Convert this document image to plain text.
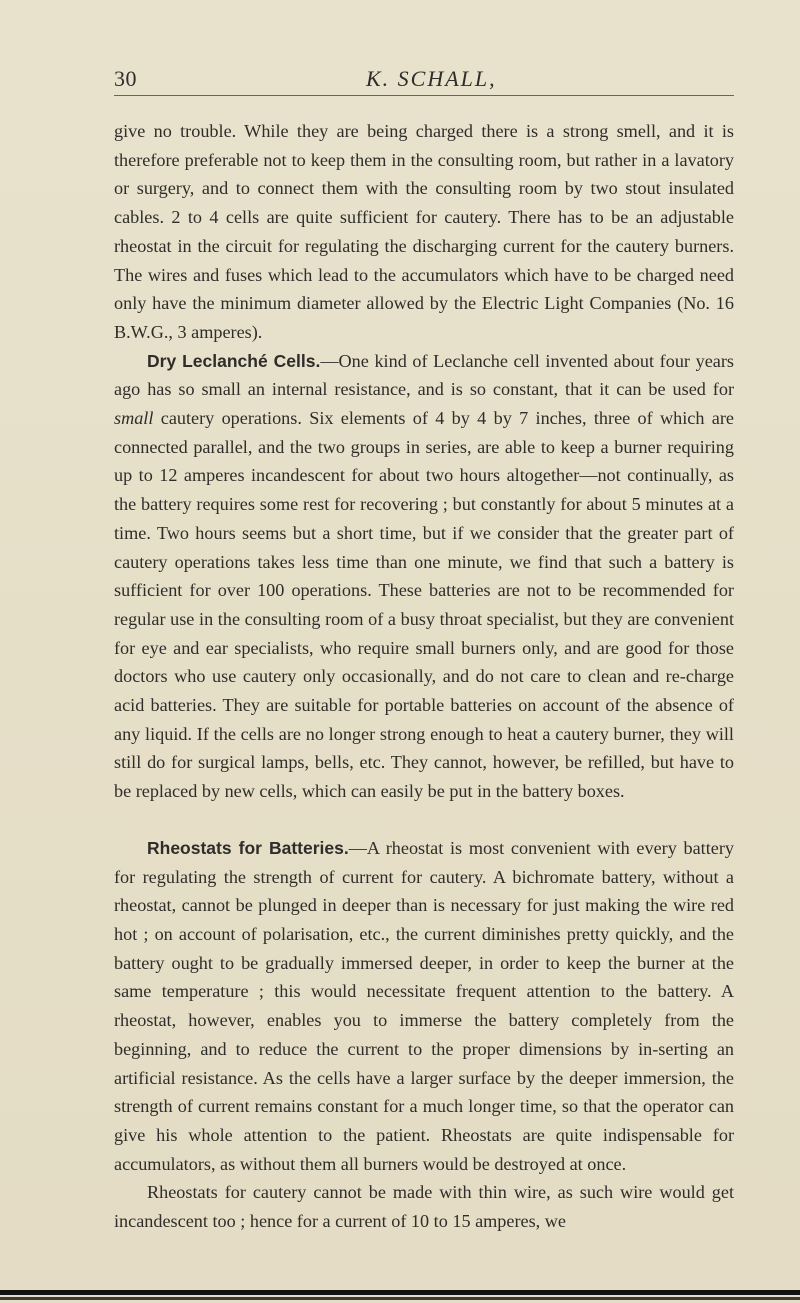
30	K. SCHALL,

give no trouble. While they are being charged there is a strong smell, and it is therefore preferable not to keep them in the consulting room, but rather in a lavatory or surgery, and to connect them with the consulting room by two stout insulated cables. 2 to 4 cells are quite sufficient for cautery. There has to be an adjustable rheostat in the circuit for regulating the discharging current for the cautery burners. The wires and fuses which lead to the accumulators which have to be charged need only have the minimum diameter allowed by the Electric Light Companies (No. 16 B.W.G., 3 amperes).

Dry Leclanché Cells.—One kind of Leclanche cell invented about four years ago has so small an internal resistance, and is so constant, that it can be used for small cautery operations. Six elements of 4 by 4 by 7 inches, three of which are connected parallel, and the two groups in series, are able to keep a burner requiring up to 12 amperes incandescent for about two hours altogether—not continually, as the battery requires some rest for recovering ; but constantly for about 5 minutes at a time. Two hours seems but a short time, but if we consider that the greater part of cautery operations takes less time than one minute, we find that such a battery is sufficient for over 100 operations. These batteries are not to be recommended for regular use in the consulting room of a busy throat specialist, but they are convenient for eye and ear specialists, who require small burners only, and are good for those doctors who use cautery only occasionally, and do not care to clean and re-charge acid batteries. They are suitable for portable batteries on account of the absence of any liquid. If the cells are no longer strong enough to heat a cautery burner, they will still do for surgical lamps, bells, etc. They cannot, however, be refilled, but have to be replaced by new cells, which can easily be put in the battery boxes.

Rheostats for Batteries.—A rheostat is most convenient with every battery for regulating the strength of current for cautery. A bichromate battery, without a rheostat, cannot be plunged in deeper than is necessary for just making the wire red hot ; on account of polarisation, etc., the current diminishes pretty quickly, and the battery ought to be gradually immersed deeper, in order to keep the burner at the same temperature ; this would necessitate frequent attention to the battery. A rheostat, however, enables you to immerse the battery completely from the beginning, and to reduce the current to the proper dimensions by in-serting an artificial resistance. As the cells have a larger surface by the deeper immersion, the strength of current remains constant for a much longer time, so that the operator can give his whole attention to the patient. Rheostats are quite indispensable for accumulators, as without them all burners would be destroyed at once.

Rheostats for cautery cannot be made with thin wire, as such wire would get incandescent too ; hence for a current of 10 to 15 amperes, we
